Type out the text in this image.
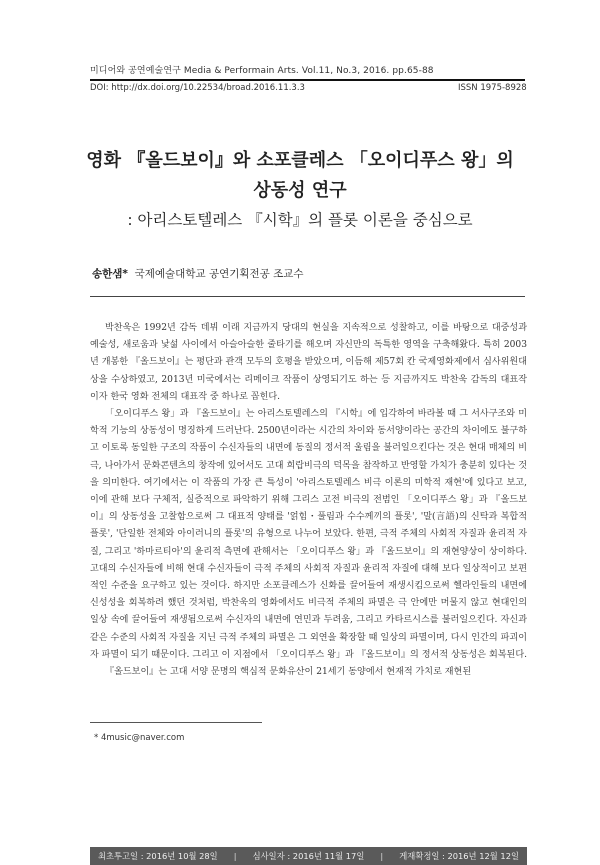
미디어와 공연예술연구 Media & Performain Arts. Vol.11, No.3, 2016. pp.65-88
DOI: http://dx.doi.org/10.22534/broad.2016.11.3.3	ISSN 1975-8928
영화 『올드보이』와 소포클레스 「오이디푸스 왕」의
상동성 연구
: 아리스토텔레스 『시학』의 플롯 이론을 중심으로
송한샘* 국제예술대학교 공연기획전공 조교수

박찬욱은 1992년 감독 데뷔 이래 지금까지 당대의 현실을 지속적으로 성찰하고, 이를 바탕으로 대중성과 예술성, 새로움과 낯섦 사이에서 아슬아슬한 줄타기를 해오며 자신만의 독특한 영역을 구축해왔다. 특히 2003년 개봉한 『올드보이』는 평단과 관객 모두의 호평을 받았으며, 이듬해 제57회 칸 국제영화제에서 심사위원대상을 수상하였고, 2013년 미국에서는 리메이크 작품이 상영되기도 하는 등 지금까지도 박찬욱 감독의 대표작이자 한국 영화 전체의 대표작 중 하나로 꼽힌다.

「오이디푸스 왕」과 『올드보이』는 아리스토텔레스의 『시학』에 입각하여 바라볼 때 그 서사구조와 미학적 기능의 상동성이 명징하게 드러난다. 2500년이라는 시간의 차이와 동서양이라는 공간의 차이에도 불구하고 이토록 동일한 구조의 작품이 수신자들의 내면에 동질의 정서적 울림을 불러일으킨다는 것은 현대 매체의 비극, 나아가서 문화콘텐츠의 창작에 있어서도 고대 희랍비극의 덕목을 참작하고 반영할 가치가 충분히 있다는 것을 의미한다. 여기에서는 이 작품의 가장 큰 특성이 '아리스토텔레스 비극 이론의 미학적 재현'에 있다고 보고, 이에 관해 보다 구체적, 실증적으로 파악하기 위해 그리스 고전 비극의 전범인 「오이디푸스 왕」과 『올드보이』의 상동성을 고찰함으로써 그 대표적 양태를 '얽힘・풀림과 수수께끼의 플롯', '말(言語)의 신탁과 복합적 플롯', '단일한 전체와 아이러니의 플롯'의 유형으로 나누어 보았다. 한편, 극적 주체의 사회적 자질과 윤리적 자질, 그리고 '하마르티아'의 윤리적 측면에 관해서는 「오이디푸스 왕」과 『올드보이』의 재현양상이 상이하다. 고대의 수신자들에 비해 현대 수신자들이 극적 주체의 사회적 자질과 윤리적 자질에 대해 보다 일상적이고 보편적인 수준을 요구하고 있는 것이다. 하지만 소포클레스가 신화를 끌어들여 재생시킴으로써 헬라인들의 내면에 신성성을 회복하려 했던 것처럼, 박찬욱의 영화에서도 비극적 주체의 파멸은 극 안에만 머물지 않고 현대인의 일상 속에 끌어들여 재생됨으로써 수신자의 내면에 연민과 두려움, 그리고 카타르시스를 불러일으킨다. 자신과 같은 수준의 사회적 자질을 지닌 극적 주체의 파멸은 그 외연을 확장할 때 일상의 파멸이며, 다시 인간의 파괴이자 파멸이 되기 때문이다. 그리고 이 지점에서 「오이디푸스 왕」과 『올드보이』의 정서적 상동성은 회복된다.

『올드보이』는 고대 서양 문명의 핵심적 문화유산이 21세기 동양에서 현재적 가치로 재현된

* 4music@naver.com
최초투고일 : 2016년 10월 28일 | 심사일자 : 2016년 11월 17일 | 게재확정일 : 2016년 12월 12일
